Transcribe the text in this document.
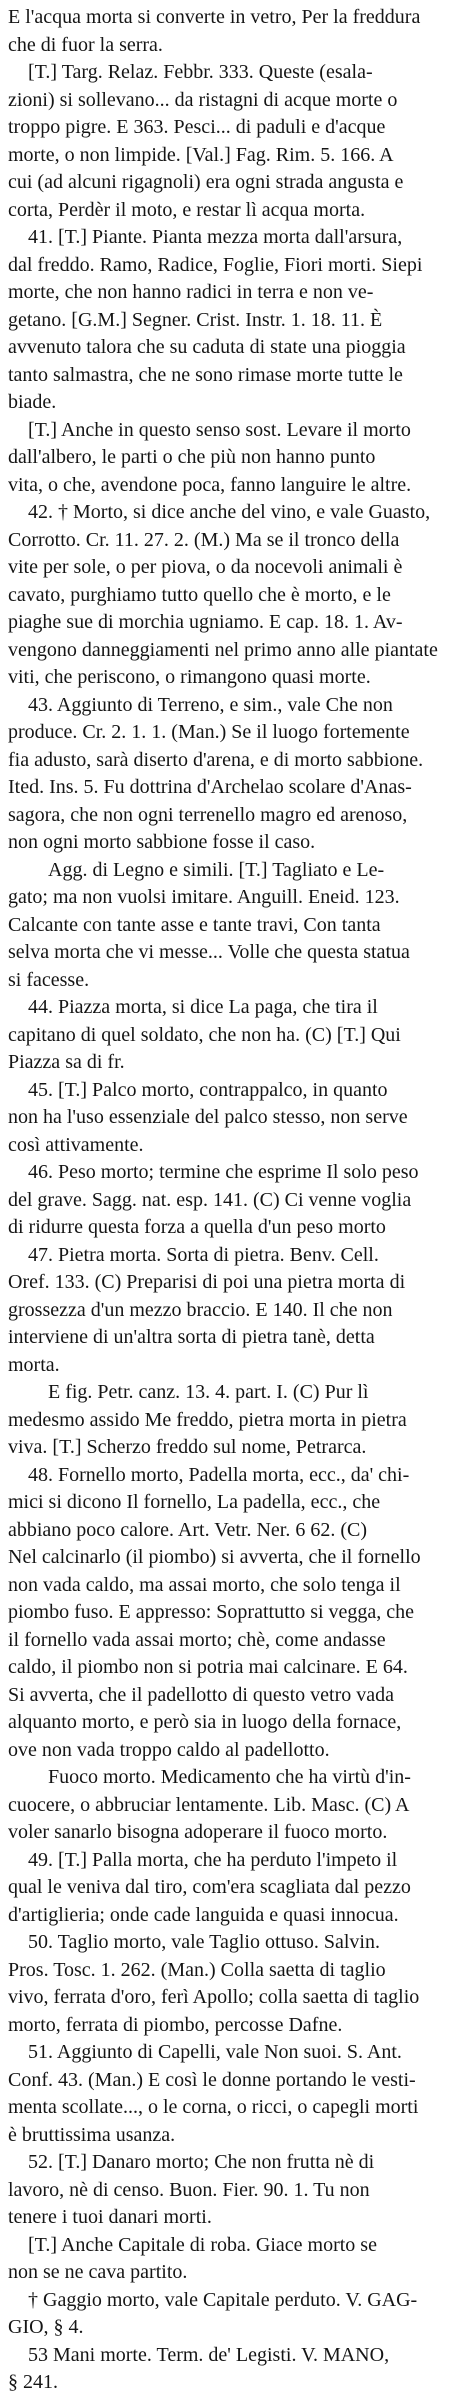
E l'acqua morta si converte in vetro, Per la freddura
che di fuor la serra.
[T.] Targ. Relaz. Febbr. 333. Queste (esala-
zioni) si sollevano... da ristagni di acque morte o
troppo pigre. E 363. Pesci... di paduli e d'acque
morte, o non limpide. [Val.] Fag. Rim. 5. 166. A
cui (ad alcuni rigagnoli) era ogni strada angusta e
corta, Perdèr il moto, e restar lì acqua morta.
41. [T.] Piante. Pianta mezza morta dall'arsura,
dal freddo. Ramo, Radice, Foglie, Fiori morti. Siepi
morte, che non hanno radici in terra e non ve-
getano. [G.M.] Segner. Crist. Instr. 1. 18. 11. È
avvenuto talora che su caduta di state una pioggia
tanto salmastra, che ne sono rimase morte tutte le
biade.
[T.] Anche in questo senso sost. Levare il morto
dall'albero, le parti o che più non hanno punto
vita, o che, avendone poca, fanno languire le altre.
42. † Morto, si dice anche del vino, e vale Guasto,
Corrotto. Cr. 11. 27. 2. (M.) Ma se il tronco della
vite per sole, o per piova, o da nocevoli animali è
cavato, purghiamo tutto quello che è morto, e le
piaghe sue di morchia ugniamo. E cap. 18. 1. Av-
vengono danneggiamenti nel primo anno alle piantate
viti, che periscono, o rimangono quasi morte.
43. Aggiunto di Terreno, e sim., vale Che non
produce. Cr. 2. 1. 1. (Man.) Se il luogo fortemente
fia adusto, sarà diserto d'arena, e di morto sabbione.
Ited. Ins. 5. Fu dottrina d'Archelao scolare d'Anas-
sagora, che non ogni terrenello magro ed arenoso,
non ogni morto sabbione fosse il caso.
Agg. di Legno e simili. [T.] Tagliato e Le-
gato; ma non vuolsi imitare. Anguill. Eneid. 123.
Calcante con tante asse e tante travi, Con tanta
selva morta che vi messe... Volle che questa statua
si facesse.
44. Piazza morta, si dice La paga, che tira il
capitano di quel soldato, che non ha. (C) [T.] Qui
Piazza sa di fr.
45. [T.] Palco morto, contrappalco, in quanto
non ha l'uso essenziale del palco stesso, non serve
così attivamente.
46. Peso morto; termine che esprime Il solo peso
del grave. Sagg. nat. esp. 141. (C) Ci venne voglia
di ridurre questa forza a quella d'un peso morto
47. Pietra morta. Sorta di pietra. Benv. Cell.
Oref. 133. (C) Preparisi di poi una pietra morta di
grossezza d'un mezzo braccio. E 140. Il che non
interviene di un'altra sorta di pietra tanè, detta
morta.
E fig. Petr. canz. 13. 4. part. I. (C) Pur lì
medesmo assido Me freddo, pietra morta in pietra
viva. [T.] Scherzo freddo sul nome, Petrarca.
48. Fornello morto, Padella morta, ecc., da' chi-
mici si dicono Il fornello, La padella, ecc., che
abbiano poco calore. Art. Vetr. Ner. 6 62. (C)
Nel calcinarlo (il piombo) si avverta, che il fornello
non vada caldo, ma assai morto, che solo tenga il
piombo fuso. E appresso: Soprattutto si vegga, che
il fornello vada assai morto; chè, come andasse
caldo, il piombo non si potria mai calcinare. E 64.
Si avverta, che il padellotto di questo vetro vada
alquanto morto, e però sia in luogo della fornace,
ove non vada troppo caldo al padellotto.
Fuoco morto. Medicamento che ha virtù d'in-
cuocere, o abbruciar lentamente. Lib. Masc. (C) A
voler sanarlo bisogna adoperare il fuoco morto.
49. [T.] Palla morta, che ha perduto l'impeto il
qual le veniva dal tiro, com'era scagliata dal pezzo
d'artiglieria; onde cade languida e quasi innocua.
50. Taglio morto, vale Taglio ottuso. Salvin.
Pros. Tosc. 1. 262. (Man.) Colla saetta di taglio
vivo, ferrata d'oro, ferì Apollo; colla saetta di taglio
morto, ferrata di piombo, percosse Dafne.
51. Aggiunto di Capelli, vale Non suoi. S. Ant.
Conf. 43. (Man.) E così le donne portando le vesti-
menta scollate..., o le corna, o ricci, o capegli morti
è bruttissima usanza.
52. [T.] Danaro morto; Che non frutta nè di
lavoro, nè di censo. Buon. Fier. 90. 1. Tu non
tenere i tuoi danari morti.
[T.] Anche Capitale di roba. Giace morto se
non se ne cava partito.
† Gaggio morto, vale Capitale perduto. V. GAG-
GIO, § 4.
53 Mani morte. Term. de' Legisti. V. MANO,
§ 241.
